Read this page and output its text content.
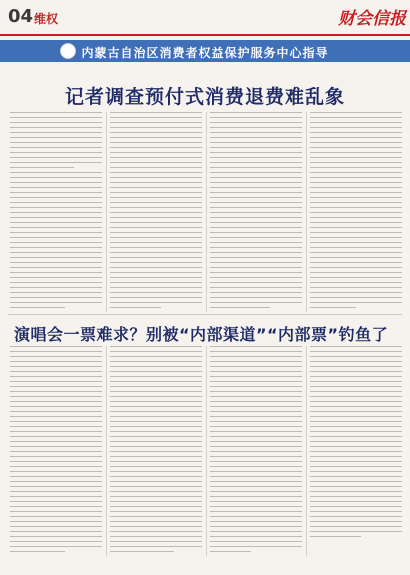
04 维权	财会信报
内蒙古自治区消费者权益保护服务中心指导
记者调查预付式消费退费难乱象
演唱会一票难求？别被“内部渠道”“内部票”钓鱼了
